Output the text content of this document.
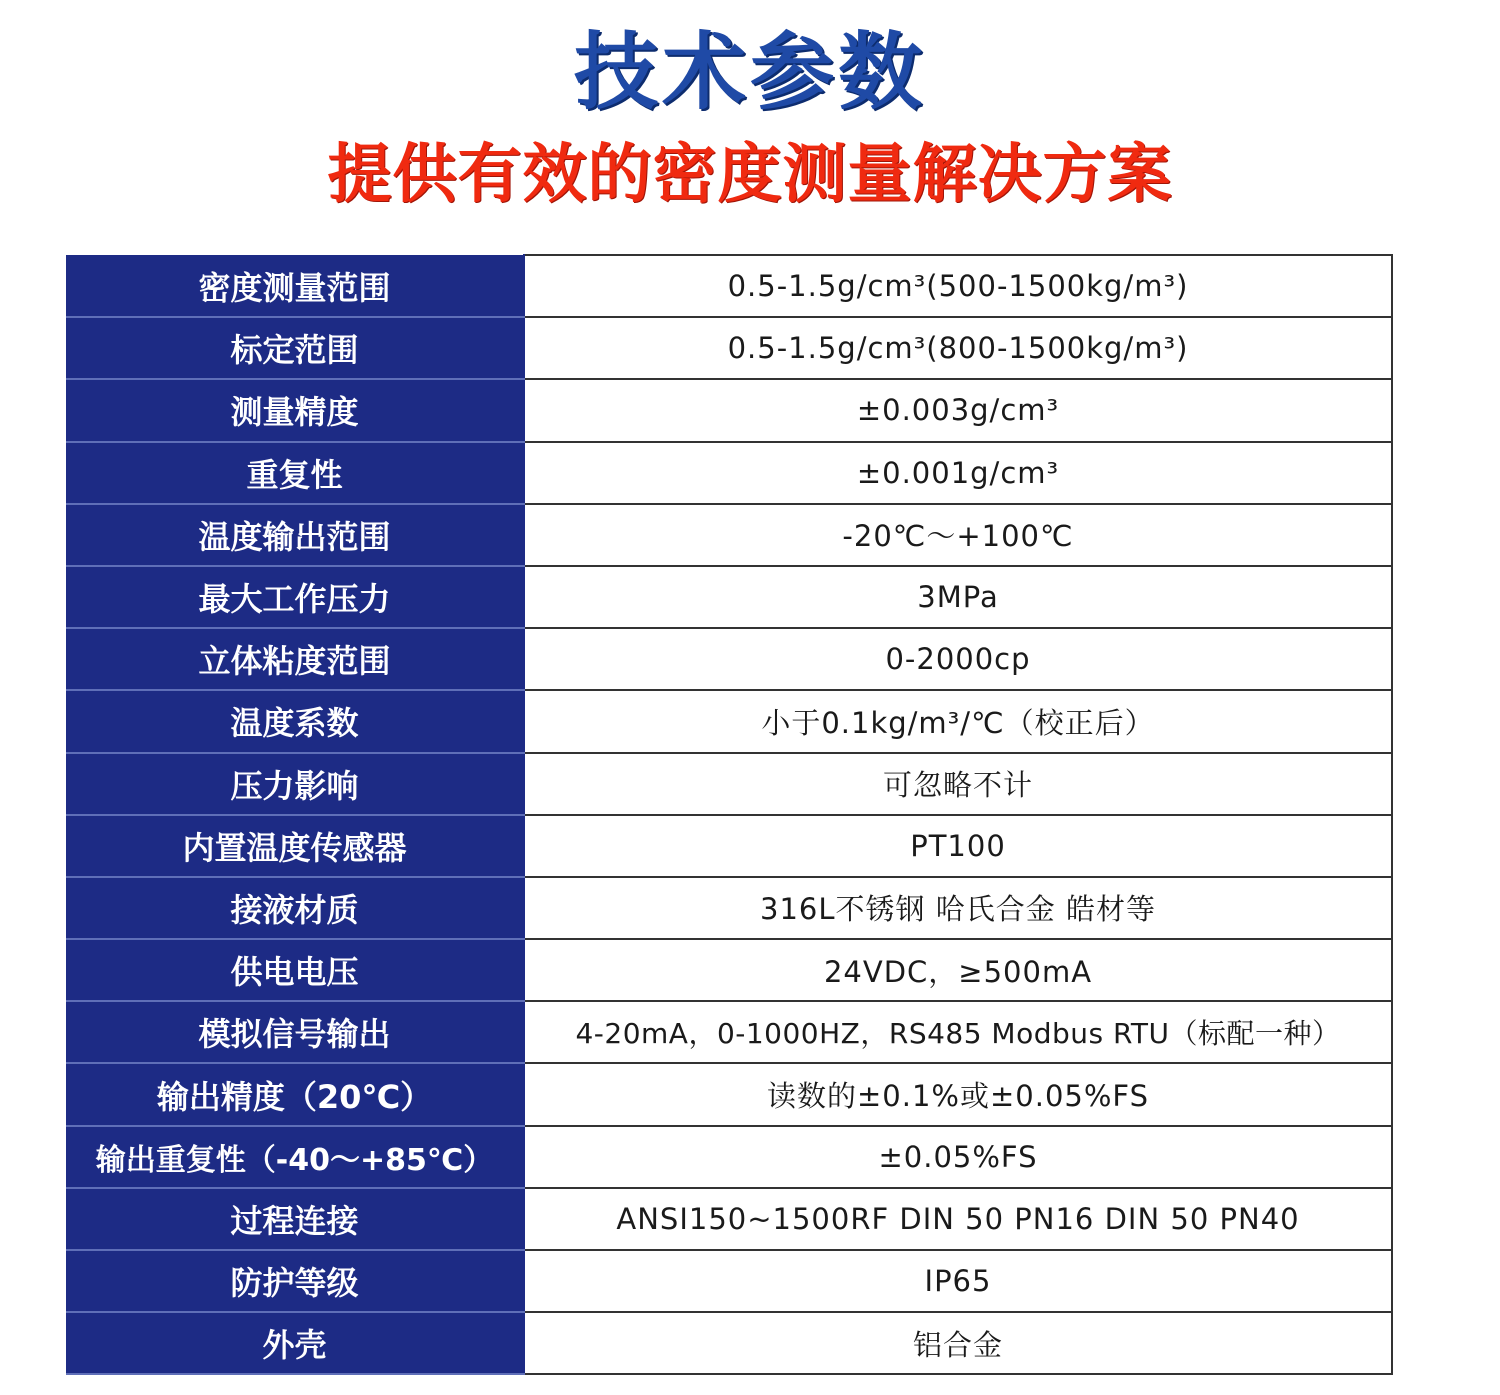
技术参数
提供有效的密度测量解决方案
密度测量范围	0.5-1.5g/cm³(500-1500kg/m³)
标定范围	0.5-1.5g/cm³(800-1500kg/m³)
测量精度	±0.003g/cm³
重复性	±0.001g/cm³
温度输出范围	-20℃～+100℃
最大工作压力	3MPa
立体粘度范围	0-2000cp
温度系数	小于0.1kg/m³/℃（校正后）
压力影响	可忽略不计
内置温度传感器	PT100
接液材质	316L不锈钢 哈氏合金 皓材等
供电电压	24VDC，≥500mA
模拟信号输出	4-20mA，0-1000HZ，RS485 Modbus RTU（标配一种）
输出精度（20℃）	读数的±0.1%或±0.05%FS
输出重复性（-40～+85℃）	±0.05%FS
过程连接	ANSI150~1500RF DIN 50 PN16 DIN 50 PN40
防护等级	IP65
外壳	铝合金
